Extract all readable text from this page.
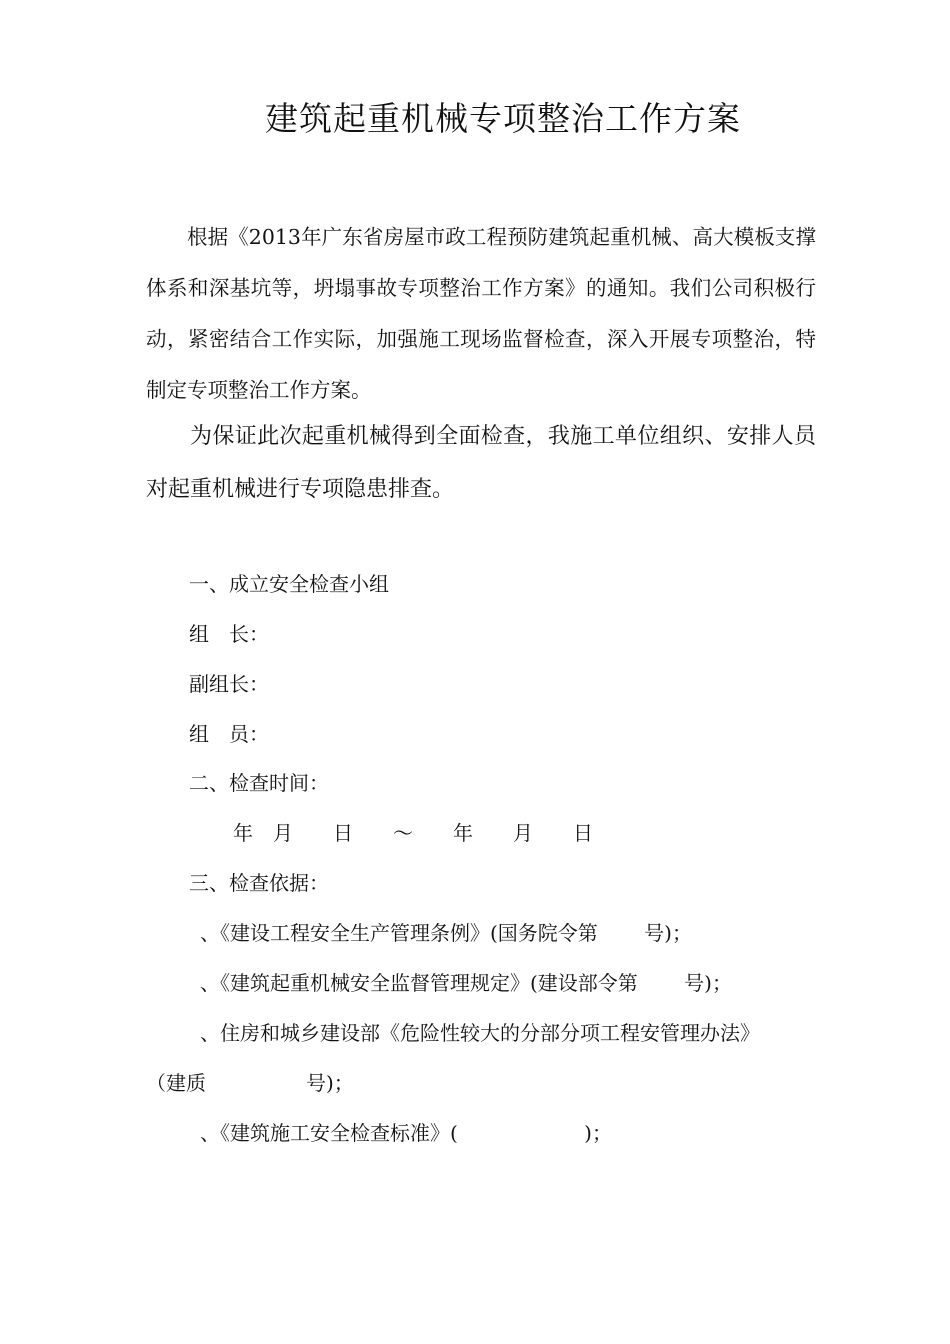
建筑起重机械专项整治工作方案

根据《2013年广东省房屋市政工程预防建筑起重机械、高大模板支撑体系和深基坑等，坍塌事故专项整治工作方案》的通知。我们公司积极行动，紧密结合工作实际，加强施工现场监督检查，深入开展专项整治，特制定专项整治工作方案。

为保证此次起重机械得到全面检查，我施工单位组织、安排人员对起重机械进行专项隐患排查。

一、成立安全检查小组
组　长：
副组长：
组　员：
二、检查时间：
年　月　　日　　～　　年　　月　　日
三、检查依据：
、《建设工程安全生产管理条例》(国务院令第　　 号)；
、《建筑起重机械安全监督管理规定》(建设部令第　　 号)；
、住房和城乡建设部《危险性较大的分部分项工程安管理办法》
（建质　　　　　号)；
、《建筑施工安全检查标准》(　　　　　　 )；
